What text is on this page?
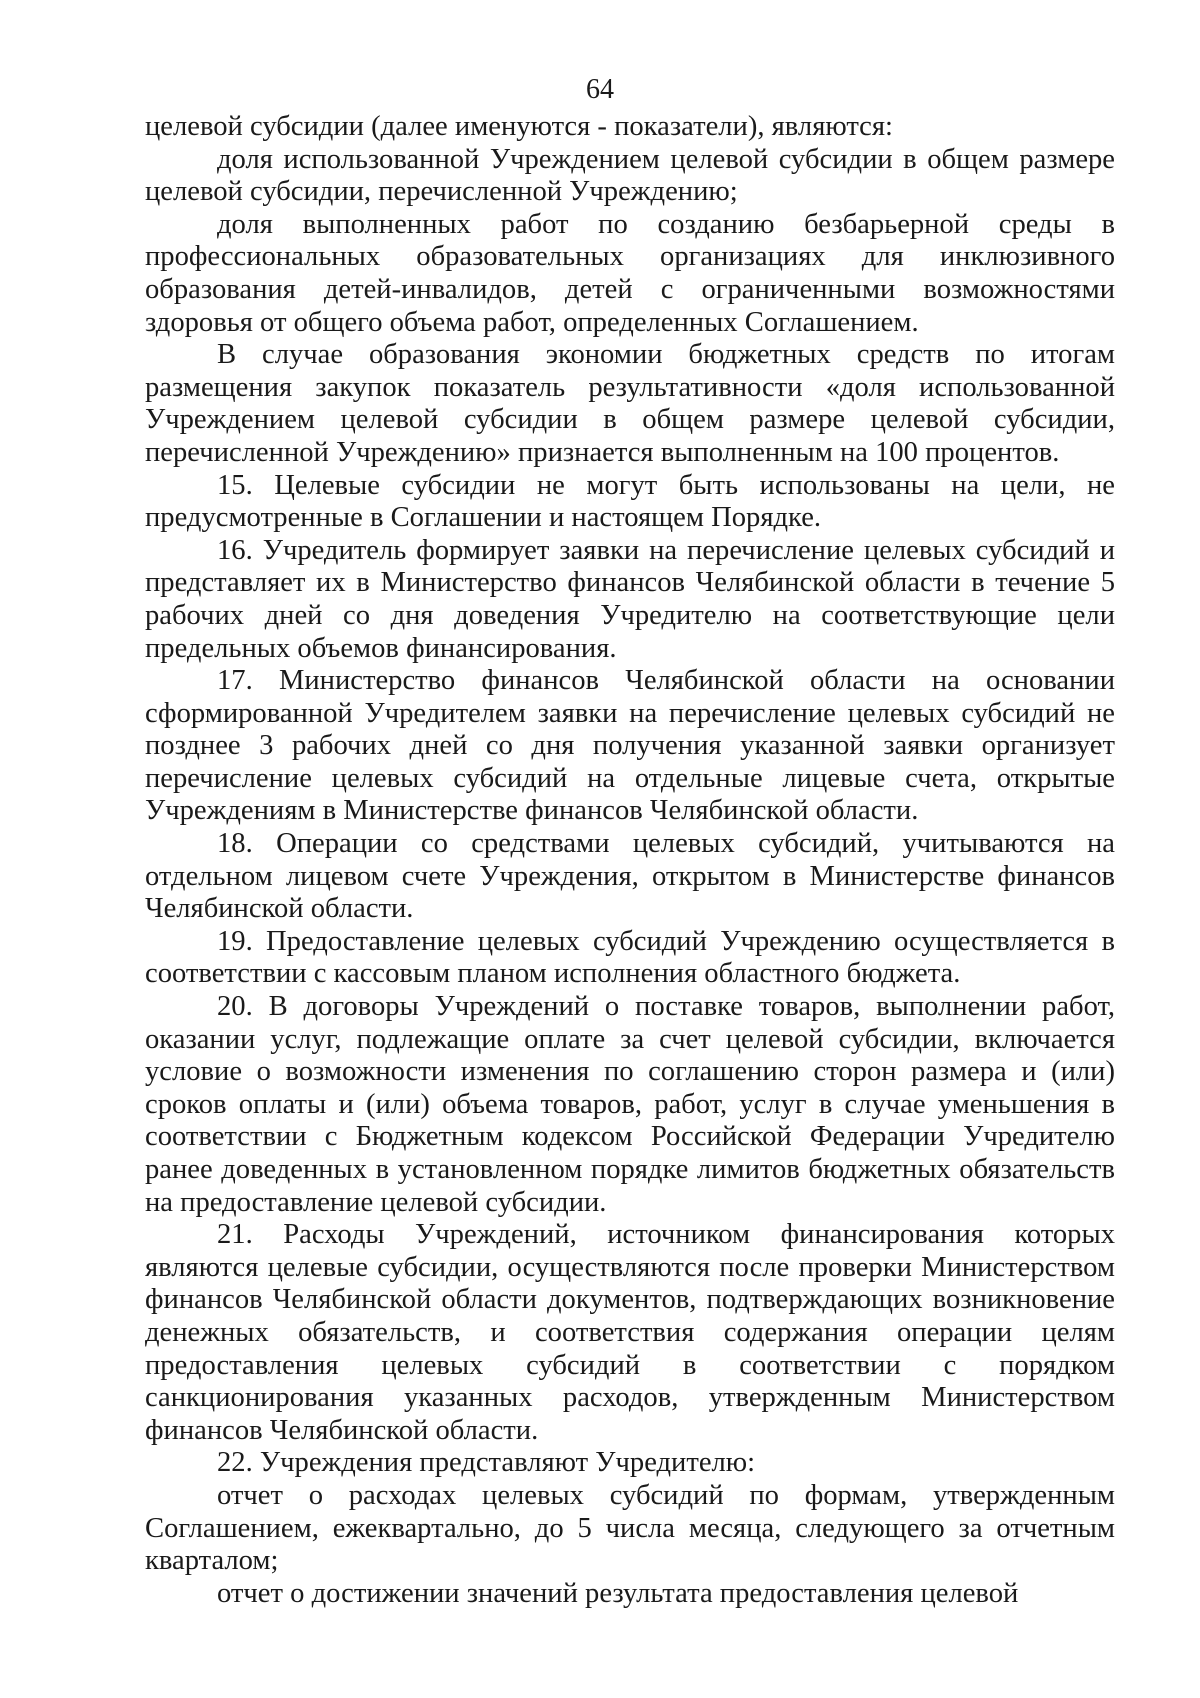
64

целевой субсидии (далее именуются - показатели), являются:

доля использованной Учреждением целевой субсидии в общем размере целевой субсидии, перечисленной Учреждению;

доля выполненных работ по созданию безбарьерной среды в профессиональных образовательных организациях для инклюзивного образования детей-инвалидов, детей с ограниченными возможностями здоровья от общего объема работ, определенных Соглашением.

В случае образования экономии бюджетных средств по итогам размещения закупок показатель результативности «доля использованной Учреждением целевой субсидии в общем размере целевой субсидии, перечисленной Учреждению» признается выполненным на 100 процентов.

15. Целевые субсидии не могут быть использованы на цели, не предусмотренные в Соглашении и настоящем Порядке.

16. Учредитель формирует заявки на перечисление целевых субсидий и представляет их в Министерство финансов Челябинской области в течение 5 рабочих дней со дня доведения Учредителю на соответствующие цели предельных объемов финансирования.

17. Министерство финансов Челябинской области на основании сформированной Учредителем заявки на перечисление целевых субсидий не позднее 3 рабочих дней со дня получения указанной заявки организует перечисление целевых субсидий на отдельные лицевые счета, открытые Учреждениям в Министерстве финансов Челябинской области.

18. Операции со средствами целевых субсидий, учитываются на отдельном лицевом счете Учреждения, открытом в Министерстве финансов Челябинской области.

19. Предоставление целевых субсидий Учреждению осуществляется в соответствии с кассовым планом исполнения областного бюджета.

20. В договоры Учреждений о поставке товаров, выполнении работ, оказании услуг, подлежащие оплате за счет целевой субсидии, включается условие о возможности изменения по соглашению сторон размера и (или) сроков оплаты и (или) объема товаров, работ, услуг в случае уменьшения в соответствии с Бюджетным кодексом Российской Федерации Учредителю ранее доведенных в установленном порядке лимитов бюджетных обязательств на предоставление целевой субсидии.

21. Расходы Учреждений, источником финансирования которых являются целевые субсидии, осуществляются после проверки Министерством финансов Челябинской области документов, подтверждающих возникновение денежных обязательств, и соответствия содержания операции целям предоставления целевых субсидий в соответствии с порядком санкционирования указанных расходов, утвержденным Министерством финансов Челябинской области.

22. Учреждения представляют Учредителю:

отчет о расходах целевых субсидий по формам, утвержденным Соглашением, ежеквартально, до 5 числа месяца, следующего за отчетным кварталом;

отчет о достижении значений результата предоставления целевой
